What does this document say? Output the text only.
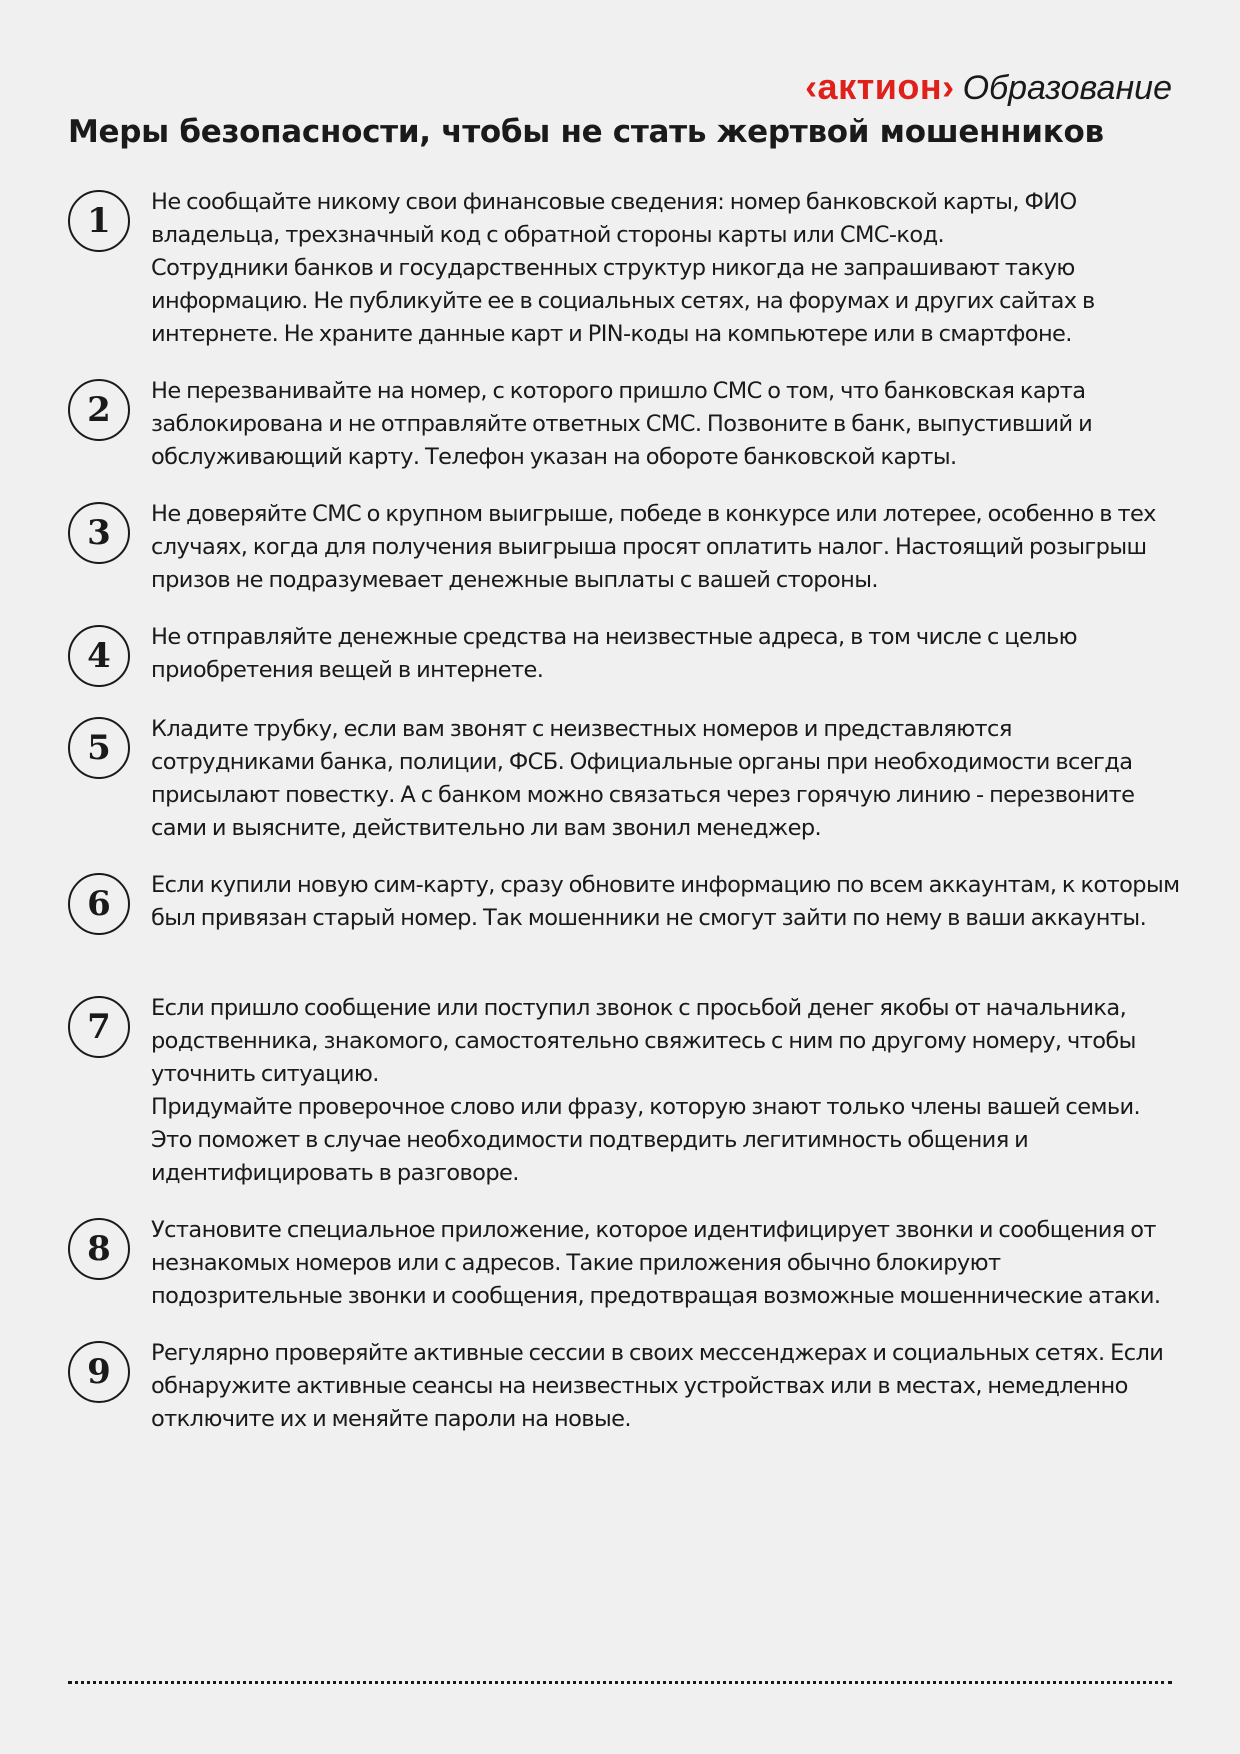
‹актион› Образование
Меры безопасности, чтобы не стать жертвой мошенников
1	Не сообщайте никому свои финансовые сведения: номер банковской карты, ФИО владельца, трехзначный код с обратной стороны карты или СМС-код.

Сотрудники банков и государственных структур никогда не запрашивают такую информацию. Не публикуйте ее в социальных сетях, на форумах и других сайтах в интернете. Не храните данные карт и PIN-коды на компьютере или в смартфоне.

2	Не перезванивайте на номер, с которого пришло СМС о том, что банковская карта заблокирована и не отправляйте ответных СМС. Позвоните в банк, выпустивший и обслуживающий карту. Телефон указан на обороте банковской карты.

3	Не доверяйте СМС о крупном выигрыше, победе в конкурсе или лотерее, особенно в тех случаях, когда для получения выигрыша просят оплатить налог. Настоящий розыгрыш призов не подразумевает денежные выплаты с вашей стороны.

4	Не отправляйте денежные средства на неизвестные адреса, в том числе с целью приобретения вещей в интернете.

5	Кладите трубку, если вам звонят с неизвестных номеров и представляются сотрудниками банка, полиции, ФСБ. Официальные органы при необходимости всегда присылают повестку. А с банком можно связаться через горячую линию - перезвоните сами и выясните, действительно ли вам звонил менеджер.

6	Если купили новую сим-карту, сразу обновите информацию по всем аккаунтам, к которым был привязан старый номер. Так мошенники не смогут зайти по нему в ваши аккаунты.

7	Если пришло сообщение или поступил звонок с просьбой денег якобы от начальника, родственника, знакомого, самостоятельно свяжитесь с ним по другому номеру, чтобы уточнить ситуацию.

Придумайте проверочное слово или фразу, которую знают только члены вашей семьи. Это поможет в случае необходимости подтвердить легитимность общения и идентифицировать в разговоре.

8	Установите специальное приложение, которое идентифицирует звонки и сообщения от незнакомых номеров или с адресов. Такие приложения обычно блокируют подозрительные звонки и сообщения, предотвращая возможные мошеннические атаки.

9	Регулярно проверяйте активные сессии в своих мессенджерах и социальных сетях. Если обнаружите активные сеансы на неизвестных устройствах или в местах, немедленно отключите их и меняйте пароли на новые.
